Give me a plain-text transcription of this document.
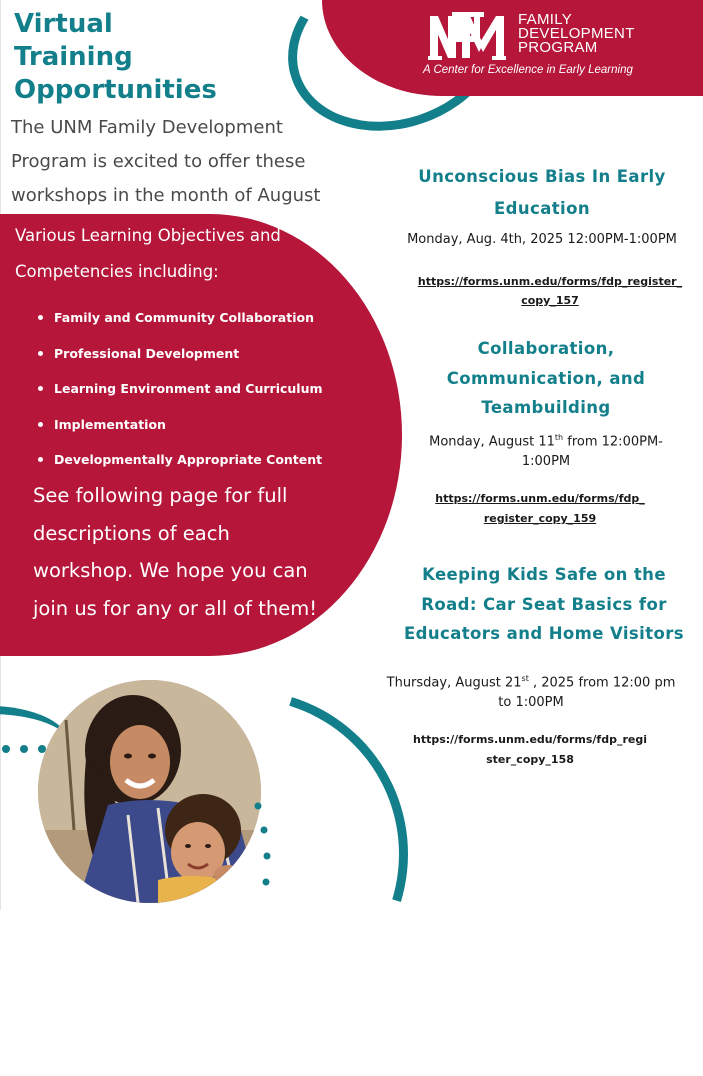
FAMILY
DEVELOPMENT
PROGRAM
A Center for Excellence in Early Learning
Virtual
Training
Opportunities
The UNM Family Development
Program is excited to offer these
workshops in the month of August
Various Learning Objectives and
Competencies including:
Family and Community Collaboration
Professional Development
Learning Environment and Curriculum
Implementation
Developmentally Appropriate Content
See following page for full
descriptions of each
workshop. We hope you can
join us for any or all of them!
Unconscious Bias In Early
Education
Monday, Aug. 4th, 2025 12:00PM-1:00PM
https://forms.unm.edu/forms/fdp_register_
copy_157
Collaboration,
Communication, and
Teambuilding
Monday, August 11th from 12:00PM-
1:00PM
https://forms.unm.edu/forms/fdp_
register_copy_159
Keeping Kids Safe on the
Road: Car Seat Basics for
Educators and Home Visitors
Thursday, August 21st , 2025 from 12:00 pm
to 1:00PM
https://forms.unm.edu/forms/fdp_regi
ster_copy_158
